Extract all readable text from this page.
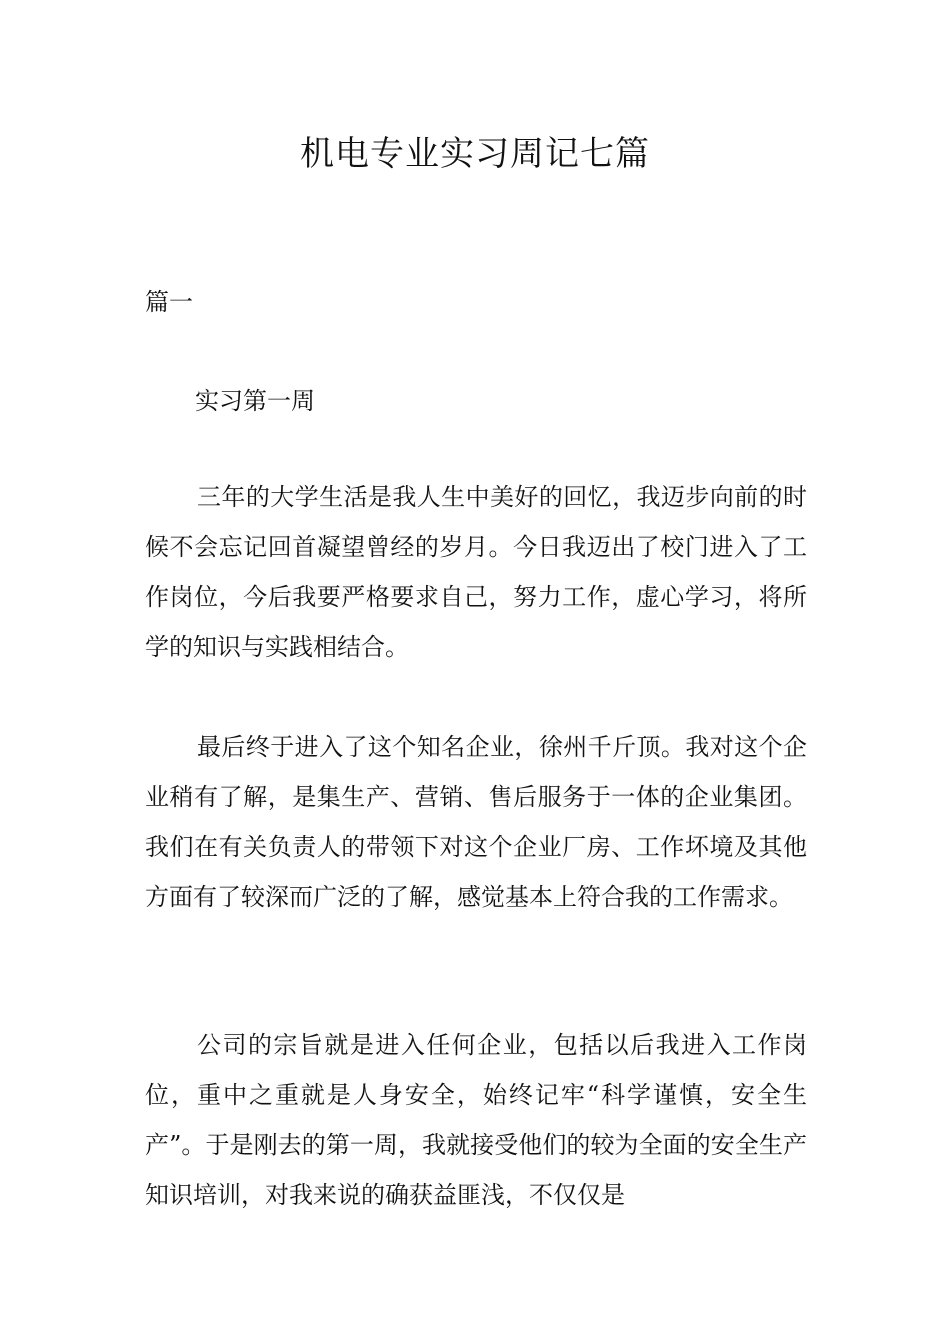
机电专业实习周记七篇

篇一

实习第一周

三年的大学生活是我人生中美好的回忆，我迈步向前的时候不会忘记回首凝望曾经的岁月。今日我迈出了校门进入了工作岗位，今后我要严格要求自己，努力工作，虚心学习，将所学的知识与实践相结合。

最后终于进入了这个知名企业，徐州千斤顶。我对这个企业稍有了解，是集生产、营销、售后服务于一体的企业集团。我们在有关负责人的带领下对这个企业厂房、工作坏境及其他方面有了较深而广泛的了解，感觉基本上符合我的工作需求。

公司的宗旨就是进入任何企业，包括以后我进入工作岗位，重中之重就是人身安全，始终记牢“科学谨慎，安全生产”。于是刚去的第一周，我就接受他们的较为全面的安全生产知识培训，对我来说的确获益匪浅，不仅仅是
